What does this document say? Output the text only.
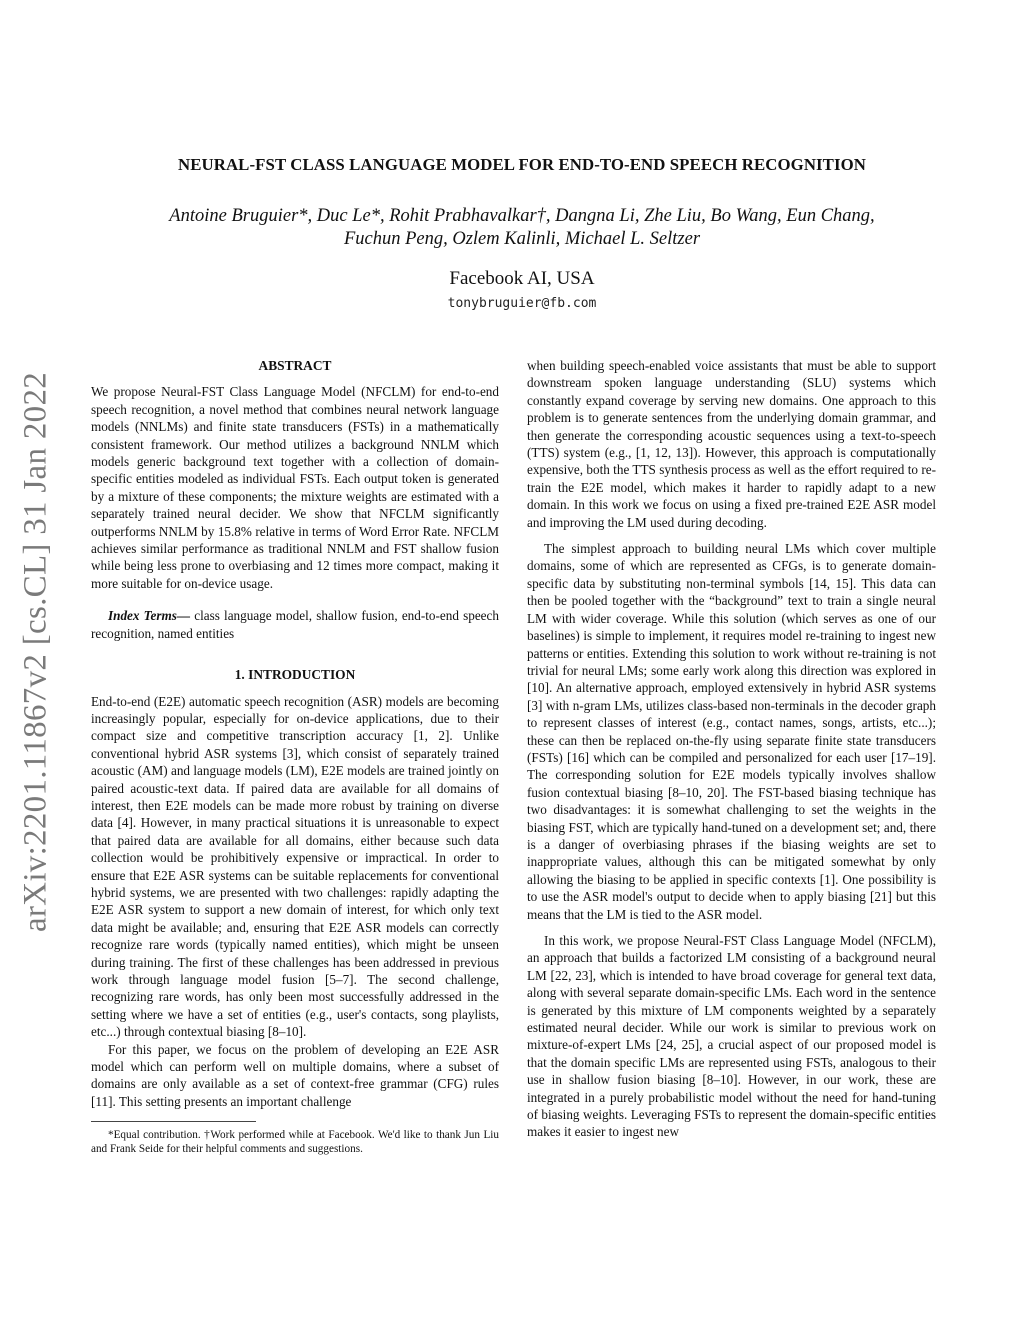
arXiv:2201.11867v2 [cs.CL] 31 Jan 2022
NEURAL-FST CLASS LANGUAGE MODEL FOR END-TO-END SPEECH RECOGNITION
Antoine Bruguier*, Duc Le*, Rohit Prabhavalkar†, Dangna Li, Zhe Liu, Bo Wang, Eun Chang,
Fuchun Peng, Ozlem Kalinli, Michael L. Seltzer
Facebook AI, USA
tonybruguier@fb.com
ABSTRACT

We propose Neural-FST Class Language Model (NFCLM) for end-to-end speech recognition, a novel method that combines neural network language models (NNLMs) and finite state transducers (FSTs) in a mathematically consistent framework. Our method utilizes a background NNLM which models generic background text together with a collection of domain-specific entities modeled as individual FSTs. Each output token is generated by a mixture of these components; the mixture weights are estimated with a separately trained neural decider. We show that NFCLM significantly outperforms NNLM by 15.8% relative in terms of Word Error Rate. NFCLM achieves similar performance as traditional NNLM and FST shallow fusion while being less prone to overbiasing and 12 times more compact, making it more suitable for on-device usage.

Index Terms— class language model, shallow fusion, end-to-end speech recognition, named entities

1. INTRODUCTION

End-to-end (E2E) automatic speech recognition (ASR) models are becoming increasingly popular, especially for on-device applications, due to their compact size and competitive transcription accuracy [1, 2]. Unlike conventional hybrid ASR systems [3], which consist of separately trained acoustic (AM) and language models (LM), E2E models are trained jointly on paired acoustic-text data. If paired data are available for all domains of interest, then E2E models can be made more robust by training on diverse data [4]. However, in many practical situations it is unreasonable to expect that paired data are available for all domains, either because such data collection would be prohibitively expensive or impractical. In order to ensure that E2E ASR systems can be suitable replacements for conventional hybrid systems, we are presented with two challenges: rapidly adapting the E2E ASR system to support a new domain of interest, for which only text data might be available; and, ensuring that E2E ASR models can correctly recognize rare words (typically named entities), which might be unseen during training. The first of these challenges has been addressed in previous work through language model fusion [5–7]. The second challenge, recognizing rare words, has only been most successfully addressed in the setting where we have a set of entities (e.g., user's contacts, song playlists, etc...) through contextual biasing [8–10].

For this paper, we focus on the problem of developing an E2E ASR model which can perform well on multiple domains, where a subset of domains are only available as a set of context-free grammar (CFG) rules [11]. This setting presents an important challenge

*Equal contribution. †Work performed while at Facebook. We'd like to thank Jun Liu and Frank Seide for their helpful comments and suggestions.

when building speech-enabled voice assistants that must be able to support downstream spoken language understanding (SLU) systems which constantly expand coverage by serving new domains. One approach to this problem is to generate sentences from the underlying domain grammar, and then generate the corresponding acoustic sequences using a text-to-speech (TTS) system (e.g., [1, 12, 13]). However, this approach is computationally expensive, both the TTS synthesis process as well as the effort required to re-train the E2E model, which makes it harder to rapidly adapt to a new domain. In this work we focus on using a fixed pre-trained E2E ASR model and improving the LM used during decoding.

The simplest approach to building neural LMs which cover multiple domains, some of which are represented as CFGs, is to generate domain-specific data by substituting non-terminal symbols [14, 15]. This data can then be pooled together with the “background” text to train a single neural LM with wider coverage. While this solution (which serves as one of our baselines) is simple to implement, it requires model re-training to ingest new patterns or entities. Extending this solution to work without re-training is not trivial for neural LMs; some early work along this direction was explored in [10]. An alternative approach, employed extensively in hybrid ASR systems [3] with n-gram LMs, utilizes class-based non-terminals in the decoder graph to represent classes of interest (e.g., contact names, songs, artists, etc...); these can then be replaced on-the-fly using separate finite state transducers (FSTs) [16] which can be compiled and personalized for each user [17–19]. The corresponding solution for E2E models typically involves shallow fusion contextual biasing [8–10, 20]. The FST-based biasing technique has two disadvantages: it is somewhat challenging to set the weights in the biasing FST, which are typically hand-tuned on a development set; and, there is a danger of overbiasing phrases if the biasing weights are set to inappropriate values, although this can be mitigated somewhat by only allowing the biasing to be applied in specific contexts [1]. One possibility is to use the ASR model's output to decide when to apply biasing [21] but this means that the LM is tied to the ASR model.

In this work, we propose Neural-FST Class Language Model (NFCLM), an approach that builds a factorized LM consisting of a background neural LM [22, 23], which is intended to have broad coverage for general text data, along with several separate domain-specific LMs. Each word in the sentence is generated by this mixture of LM components weighted by a separately estimated neural decider. While our work is similar to previous work on mixture-of-expert LMs [24, 25], a crucial aspect of our proposed model is that the domain specific LMs are represented using FSTs, analogous to their use in shallow fusion biasing [8–10]. However, in our work, these are integrated in a purely probabilistic model without the need for hand-tuning of biasing weights. Leveraging FSTs to represent the domain-specific entities makes it easier to ingest new
